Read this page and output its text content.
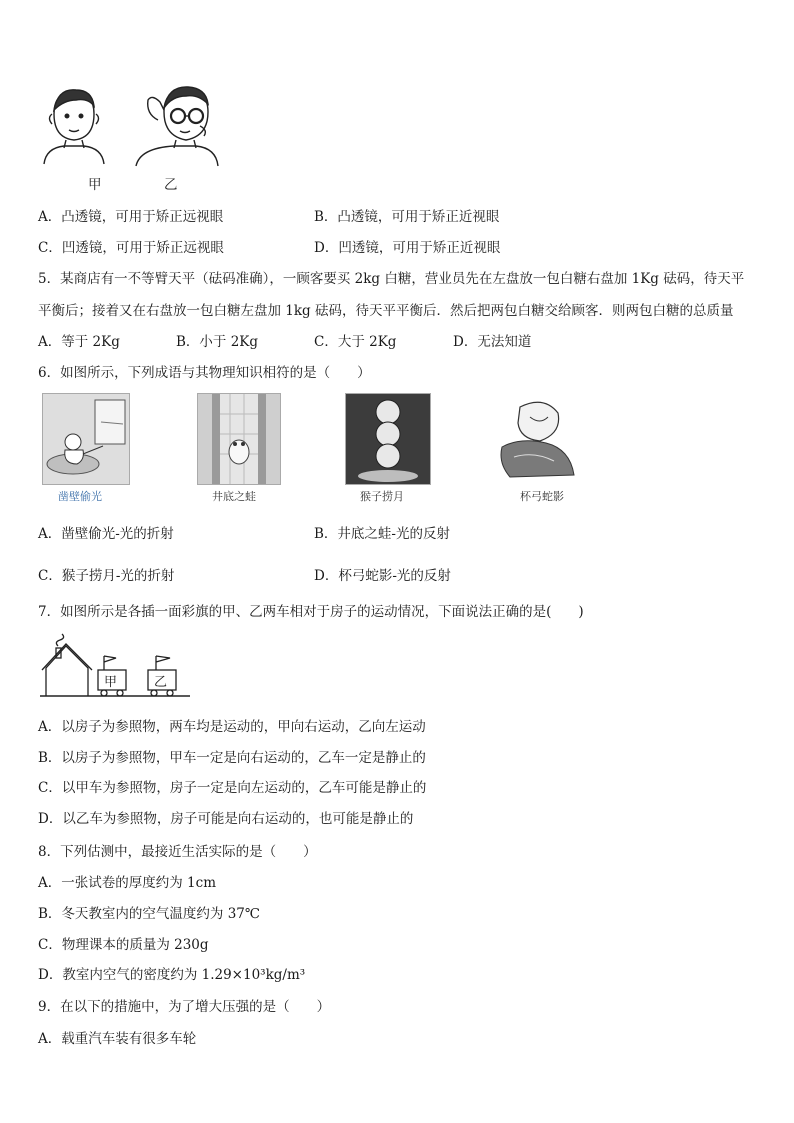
甲	乙
A．凸透镜，可用于矫正远视眼	B．凸透镜，可用于矫正近视眼
C．凹透镜，可用于矫正远视眼	D．凹透镜，可用于矫正近视眼
5．某商店有一不等臂天平（砝码准确），一顾客要买 2kg 白糖，营业员先在左盘放一包白糖右盘加 1Kg 砝码，待天平
平衡后；接着又在右盘放一包白糖左盘加 1kg 砝码，待天平平衡后．然后把两包白糖交给顾客．则两包白糖的总质量
A．等于 2Kg	B．小于 2Kg	C．大于 2Kg	D．无法知道
6．如图所示，下列成语与其物理知识相符的是（　　）
凿壁偷光	井底之蛙	猴子捞月	杯弓蛇影
A．凿壁偷光-光的折射	B．井底之蛙-光的反射
C．猴子捞月-光的折射	D．杯弓蛇影-光的反射
7．如图所示是各插一面彩旗的甲、乙两车相对于房子的运动情况，下面说法正确的是(　　)
甲	乙
A．以房子为参照物，两车均是运动的，甲向右运动，乙向左运动
B．以房子为参照物，甲车一定是向右运动的，乙车一定是静止的
C．以甲车为参照物，房子一定是向左运动的，乙车可能是静止的
D．以乙车为参照物，房子可能是向右运动的，也可能是静止的
8．下列估测中，最接近生活实际的是（　　）
A．一张试卷的厚度约为 1cm
B．冬天教室内的空气温度约为 37℃
C．物理课本的质量为 230g
D．教室内空气的密度约为 1.29×10³kg/m³
9．在以下的措施中，为了增大压强的是（　　）
A．载重汽车装有很多车轮
